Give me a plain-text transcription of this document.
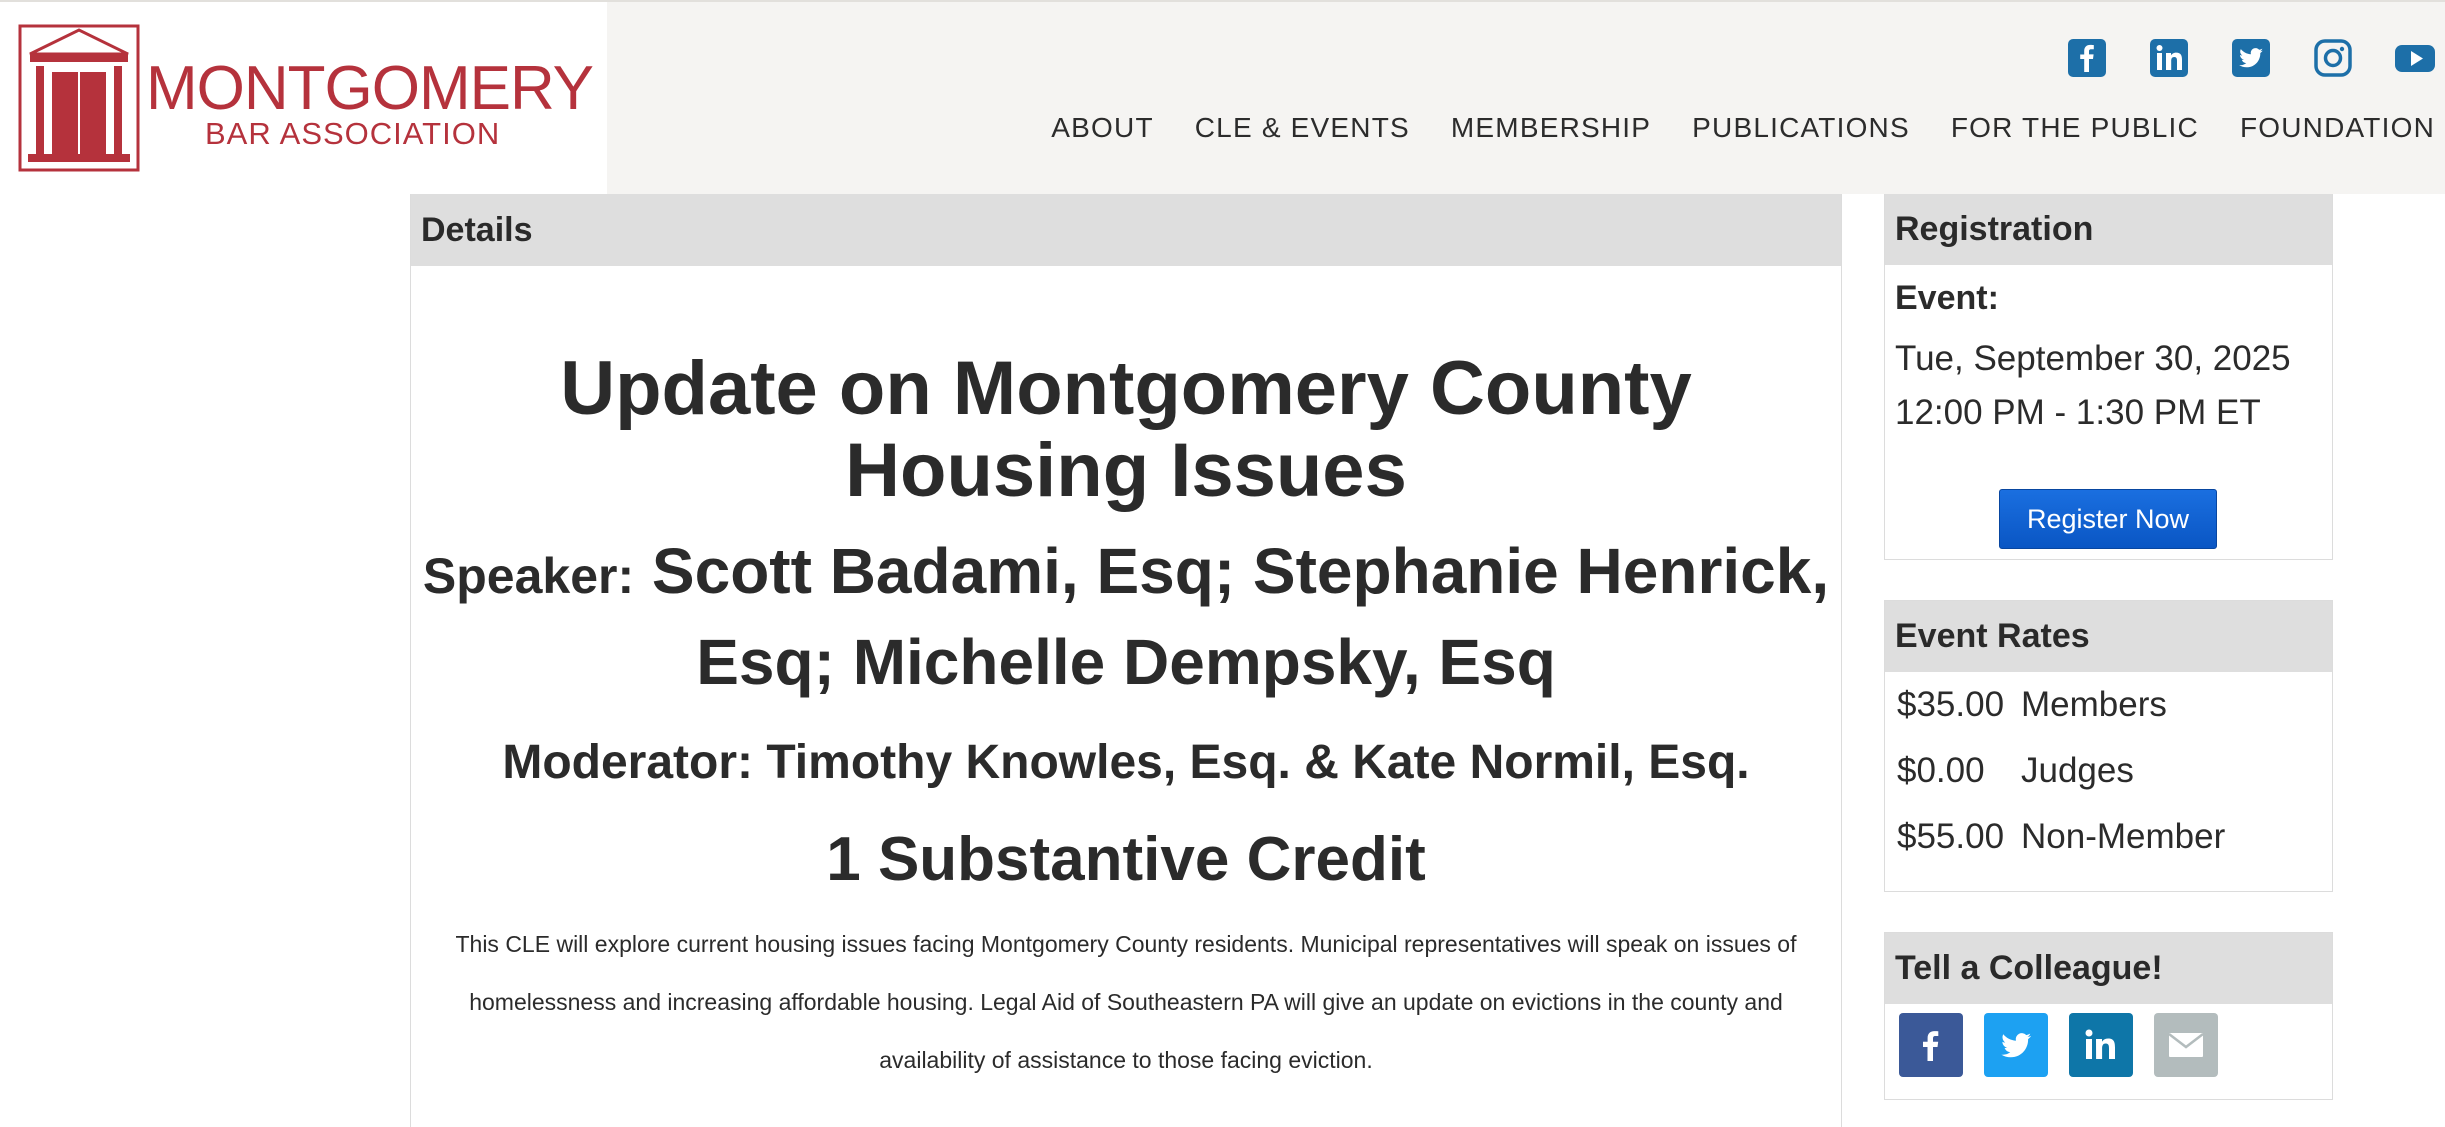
MONTGOMERY
BAR ASSOCIATION	ABOUT CLE & EVENTS MEMBERSHIP PUBLICATIONS FOR THE PUBLIC FOUNDATION
Details
Update on Montgomery County Housing Issues
Speaker: Scott Badami, Esq; Stephanie Henrick, Esq; Michelle Dempsky, Esq
Moderator: Timothy Knowles, Esq. & Kate Normil, Esq.
1 Substantive Credit

This CLE will explore current housing issues facing Montgomery County residents. Municipal representatives will speak on issues of homelessness and increasing affordable housing. Legal Aid of Southeastern PA will give an update on evictions in the county and availability of assistance to those facing eviction.

Registration
Event:
Tue, September 30, 2025
12:00 PM - 1:30 PM ET
Register Now
Event Rates
$35.00 Members
$0.00	Judges
$55.00 Non-Member
Tell a Colleague!
